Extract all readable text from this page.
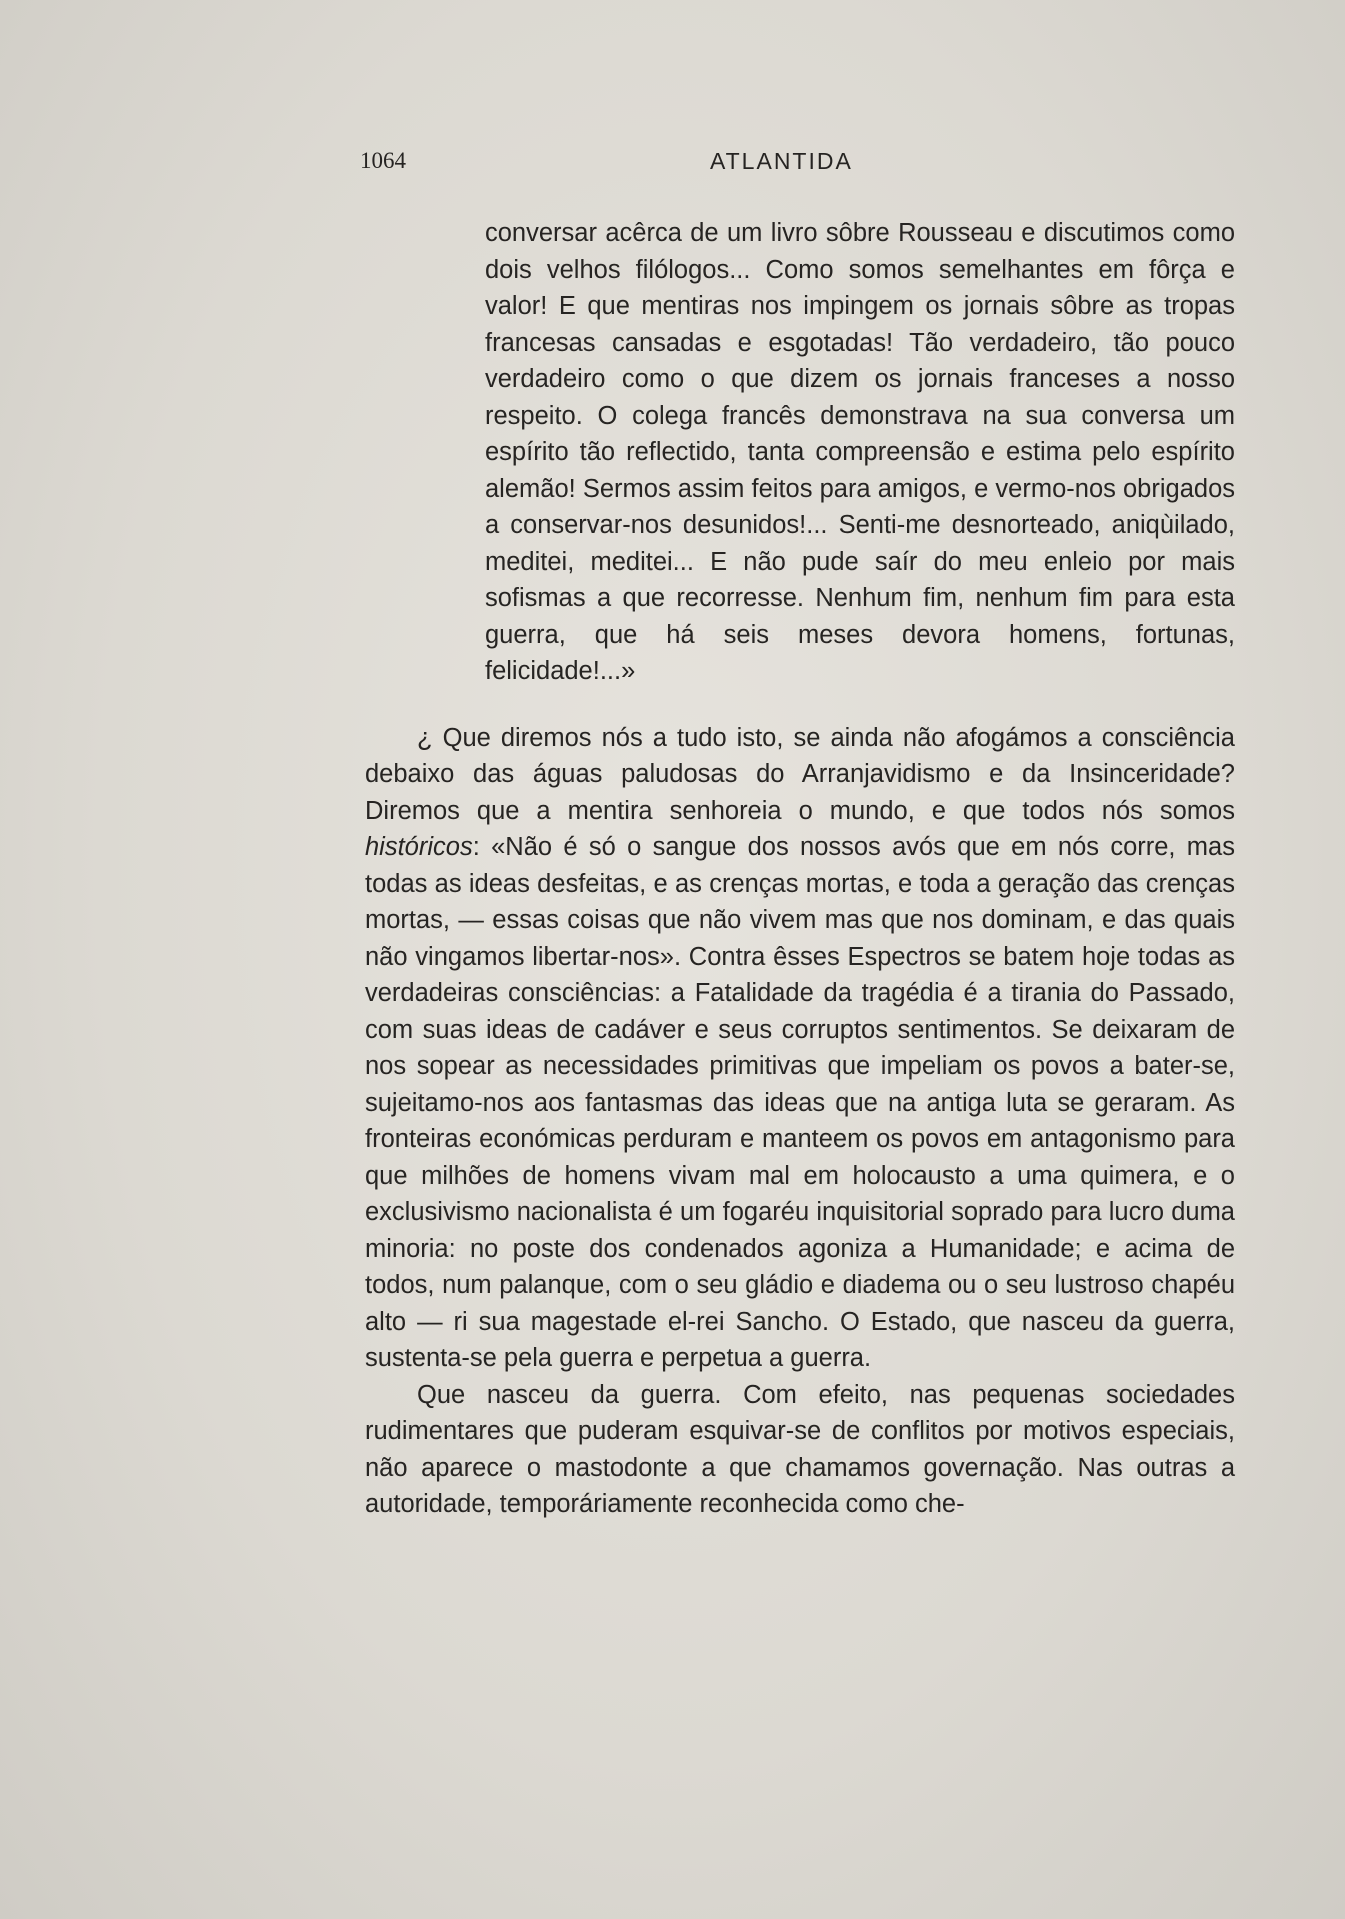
1064	ATLANTIDA

conversar acêrca de um livro sôbre Rousseau e discutimos como dois velhos filólogos... Como somos semelhantes em fôrça e valor! E que mentiras nos impingem os jornais sôbre as tropas francesas cansadas e esgotadas! Tão verdadeiro, tão pouco verdadeiro como o que dizem os jornais franceses a nosso respeito. O colega francês demonstrava na sua conversa um espírito tão reflectido, tanta compreensão e estima pelo espírito alemão! Sermos assim feitos para amigos, e vermo-nos obrigados a conservar-nos desunidos!... Senti-me desnorteado, aniqùilado, meditei, meditei... E não pude saír do meu enleio por mais sofismas a que recorresse. Nenhum fim, nenhum fim para esta guerra, que há seis meses devora homens, fortunas, felicidade!...»

¿ Que diremos nós a tudo isto, se ainda não afogámos a consciência debaixo das águas paludosas do Arranjavidismo e da Insinceridade? Diremos que a mentira senhoreia o mundo, e que todos nós somos históricos: «Não é só o sangue dos nossos avós que em nós corre, mas todas as ideas desfeitas, e as crenças mortas, e toda a geração das crenças mortas, — essas coisas que não vivem mas que nos dominam, e das quais não vingamos libertar-nos». Contra êsses Espectros se batem hoje todas as verdadeiras consciências: a Fatalidade da tragédia é a tirania do Passado, com suas ideas de cadáver e seus corruptos sentimentos. Se deixaram de nos sopear as necessidades primitivas que impeliam os povos a bater-se, sujeitamo-nos aos fantasmas das ideas que na antiga luta se geraram. As fronteiras económicas perduram e manteem os povos em antagonismo para que milhões de homens vivam mal em holocausto a uma quimera, e o exclusivismo nacionalista é um fogaréu inquisitorial soprado para lucro duma minoria: no poste dos condenados agoniza a Humanidade; e acima de todos, num palanque, com o seu gládio e diadema ou o seu lustroso chapéu alto — ri sua magestade el-rei Sancho. O Estado, que nasceu da guerra, sustenta-se pela guerra e perpetua a guerra.

Que nasceu da guerra. Com efeito, nas pequenas sociedades rudimentares que puderam esquivar-se de conflitos por motivos especiais, não aparece o mastodonte a que chamamos governação. Nas outras a autoridade, temporáriamente reconhecida como che-
